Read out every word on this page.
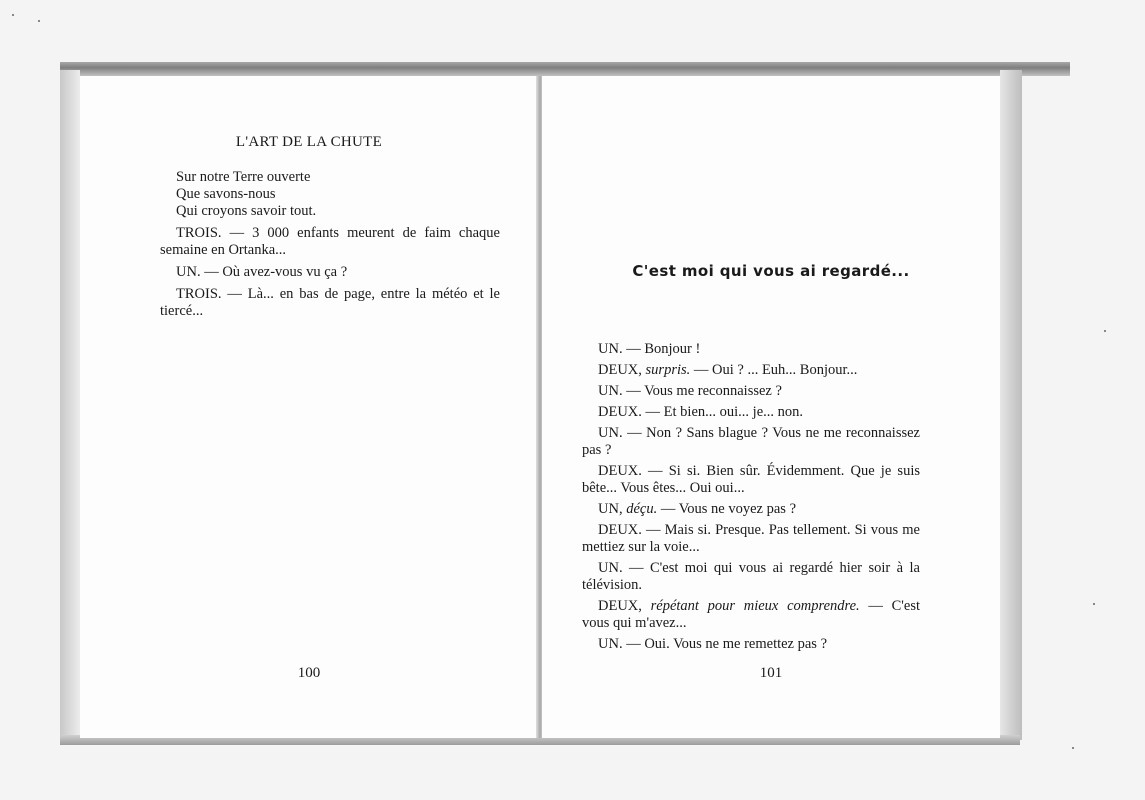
L'ART DE LA CHUTE

Sur notre Terre ouverte

Que savons-nous

Qui croyons savoir tout.

TROIS. — 3 000 enfants meurent de faim chaque semaine en Ortanka...

UN. — Où avez-vous vu ça ?

TROIS. — Là... en bas de page, entre la météo et le tiercé...

100
C'est moi qui vous ai regardé...

UN. — Bonjour !

DEUX, surpris. — Oui ? ... Euh... Bonjour...

UN. — Vous me reconnaissez ?

DEUX. — Et bien... oui... je... non.

UN. — Non ? Sans blague ? Vous ne me reconnaissez pas ?

DEUX. — Si si. Bien sûr. Évidemment. Que je suis bête... Vous êtes... Oui oui...

UN, déçu. — Vous ne voyez pas ?

DEUX. — Mais si. Presque. Pas tellement. Si vous me mettiez sur la voie...

UN. — C'est moi qui vous ai regardé hier soir à la télévision.

DEUX, répétant pour mieux comprendre. — C'est vous qui m'avez...

UN. — Oui. Vous ne me remettez pas ?

101
